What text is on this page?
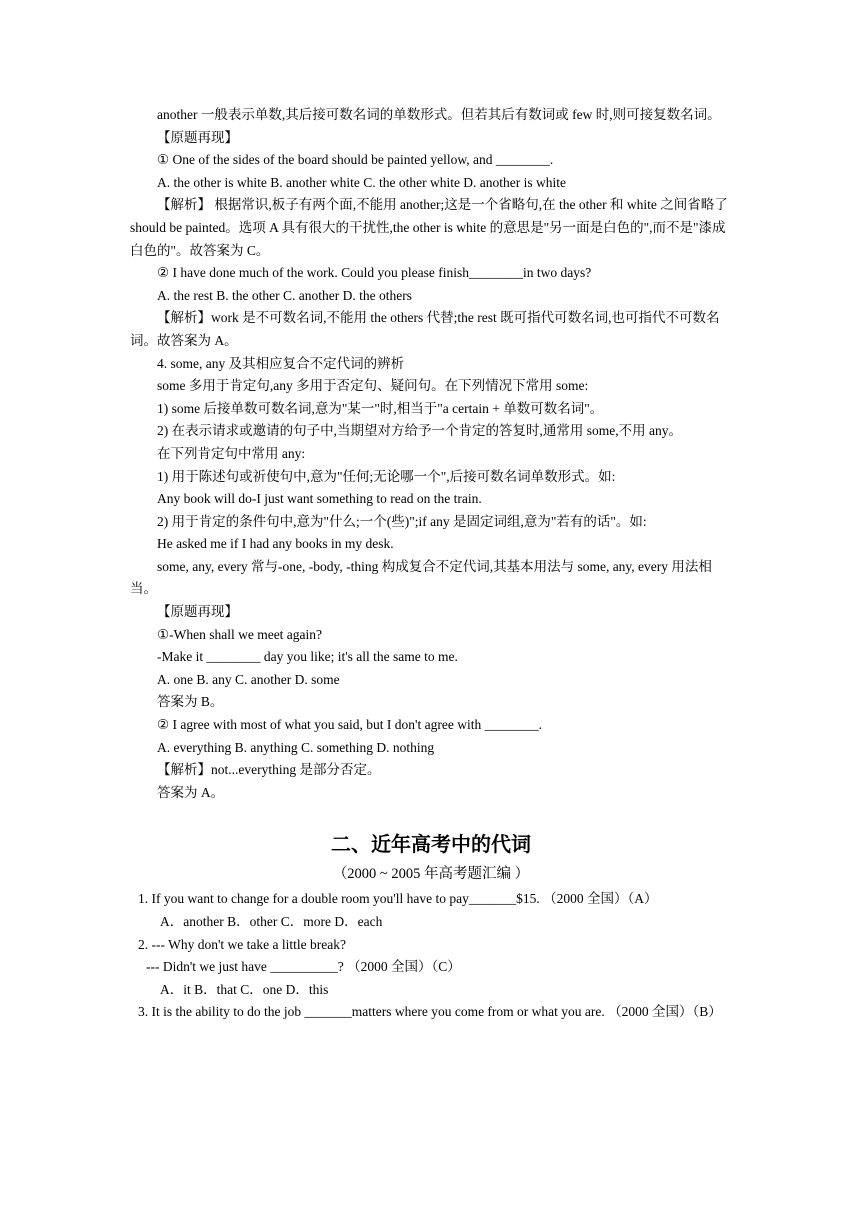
another 一般表示单数,其后接可数名词的单数形式。但若其后有数词或 few 时,则可接复数名词。

【原题再现】

① One of the sides of the board should be painted yellow, and ________.

A. the other is white B. another white C. the other white D. another is white

【解析】 根据常识,板子有两个面,不能用 another;这是一个省略句,在 the other 和 white 之间省略了 should be painted。选项 A 具有很大的干扰性,the other is white 的意思是"另一面是白色的",而不是"漆成白色的"。故答案为 C。

② I have done much of the work. Could you please finish________in two days?

A. the rest B. the other C. another D. the others

【解析】work 是不可数名词,不能用 the others 代替;the rest 既可指代可数名词,也可指代不可数名词。故答案为 A。

4. some, any 及其相应复合不定代词的辨析

some 多用于肯定句,any 多用于否定句、疑问句。在下列情况下常用 some:

1) some 后接单数可数名词,意为"某一"时,相当于"a certain + 单数可数名词"。

2) 在表示请求或邀请的句子中,当期望对方给予一个肯定的答复时,通常用 some,不用 any。

在下列肯定句中常用 any:

1) 用于陈述句或祈使句中,意为"任何;无论哪一个",后接可数名词单数形式。如:

Any book will do-I just want something to read on the train.

2) 用于肯定的条件句中,意为"什么;一个(些)";if any 是固定词组,意为"若有的话"。如:

He asked me if I had any books in my desk.

some, any, every 常与-one, -body, -thing 构成复合不定代词,其基本用法与 some, any, every 用法相当。

【原题再现】

①-When shall we meet again?

-Make it ________ day you like; it's all the same to me.

A. one B. any C. another D. some

答案为 B。

② I agree with most of what you said, but I don't agree with ________.

A. everything B. anything C. something D. nothing

【解析】not...everything 是部分否定。

答案为 A。

二、近年高考中的代词

（2000 ~ 2005 年高考题汇编 ）

1. If you want to change for a double room you'll have to pay_______$15. （2000 全国）（A）

A．another B．other C．more D．each

2. --- Why don't we take a little break?

--- Didn't we just have __________? （2000 全国）（C）

A．it B．that C．one D．this

3. It is the ability to do the job _______matters where you come from or what you are. （2000 全国）（B）
